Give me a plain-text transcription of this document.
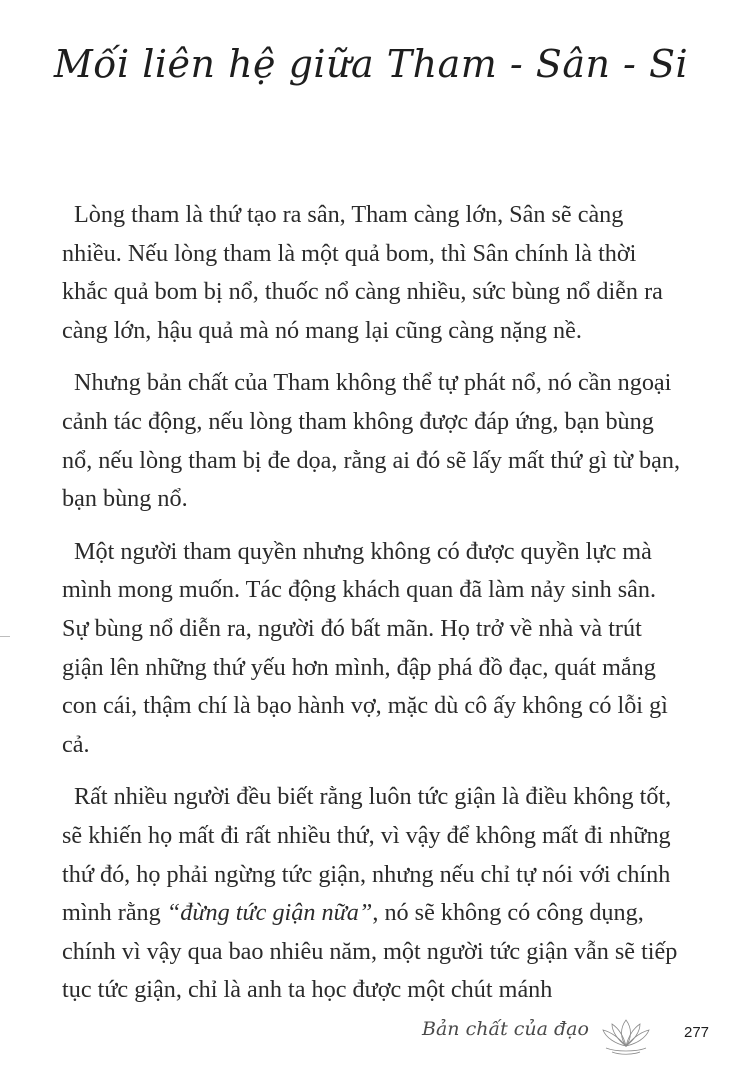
Mối liên hệ giữa Tham - Sân - Si

Lòng tham là thứ tạo ra sân, Tham càng lớn, Sân sẽ càng nhiều. Nếu lòng tham là một quả bom, thì Sân chính là thời khắc quả bom bị nổ, thuốc nổ càng nhiều, sức bùng nổ diễn ra càng lớn, hậu quả mà nó mang lại cũng càng nặng nề.

Nhưng bản chất của Tham không thể tự phát nổ, nó cần ngoại cảnh tác động, nếu lòng tham không được đáp ứng, bạn bùng nổ, nếu lòng tham bị đe dọa, rằng ai đó sẽ lấy mất thứ gì từ bạn, bạn bùng nổ.

Một người tham quyền nhưng không có được quyền lực mà mình mong muốn. Tác động khách quan đã làm nảy sinh sân. Sự bùng nổ diễn ra, người đó bất mãn. Họ trở về nhà và trút giận lên những thứ yếu hơn mình, đập phá đồ đạc, quát mắng con cái, thậm chí là bạo hành vợ, mặc dù cô ấy không có lỗi gì cả.

Rất nhiều người đều biết rằng luôn tức giận là điều không tốt, sẽ khiến họ mất đi rất nhiều thứ, vì vậy để không mất đi những thứ đó, họ phải ngừng tức giận, nhưng nếu chỉ tự nói với chính mình rằng “đừng tức giận nữa”, nó sẽ không có công dụng, chính vì vậy qua bao nhiêu năm, một người tức giận vẫn sẽ tiếp tục tức giận, chỉ là anh ta học được một chút mánh

Bản chất của đạo	277
